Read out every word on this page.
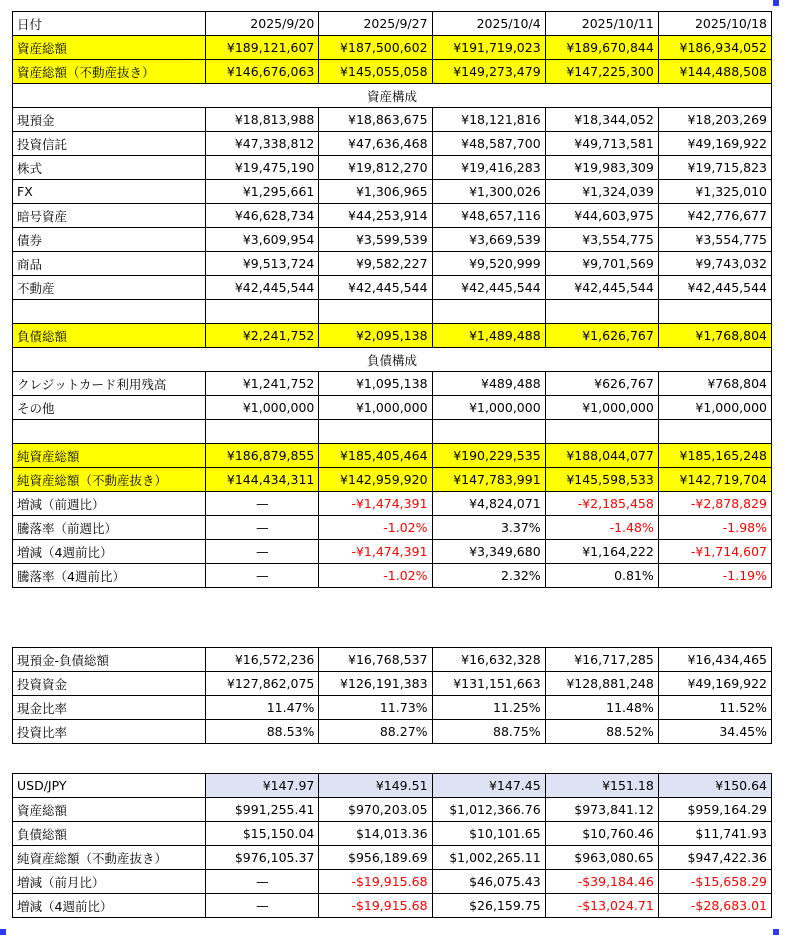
日付	2025/9/20	2025/9/27	2025/10/4	2025/10/11	2025/10/18
資産総額	¥189,121,607	¥187,500,602	¥191,719,023	¥189,670,844	¥186,934,052
資産総額（不動産抜き）	¥146,676,063	¥145,055,058	¥149,273,479	¥147,225,300	¥144,488,508
資産構成					
現預金	¥18,813,988	¥18,863,675	¥18,121,816	¥18,344,052	¥18,203,269
投資信託	¥47,338,812	¥47,636,468	¥48,587,700	¥49,713,581	¥49,169,922
株式	¥19,475,190	¥19,812,270	¥19,416,283	¥19,983,309	¥19,715,823
FX	¥1,295,661	¥1,306,965	¥1,300,026	¥1,324,039	¥1,325,010
暗号資産	¥46,628,734	¥44,253,914	¥48,657,116	¥44,603,975	¥42,776,677
債券	¥3,609,954	¥3,599,539	¥3,669,539	¥3,554,775	¥3,554,775
商品	¥9,513,724	¥9,582,227	¥9,520,999	¥9,701,569	¥9,743,032
不動産	¥42,445,544	¥42,445,544	¥42,445,544	¥42,445,544	¥42,445,544

負債総額	¥2,241,752	¥2,095,138	¥1,489,488	¥1,626,767	¥1,768,804
負債構成					
クレジットカード利用残高	¥1,241,752	¥1,095,138	¥489,488	¥626,767	¥768,804
その他	¥1,000,000	¥1,000,000	¥1,000,000	¥1,000,000	¥1,000,000

純資産総額	¥186,879,855	¥185,405,464	¥190,229,535	¥188,044,077	¥185,165,248
純資産総額（不動産抜き）	¥144,434,311	¥142,959,920	¥147,783,991	¥145,598,533	¥142,719,704
増減（前週比）	—	-¥1,474,391	¥4,824,071	-¥2,185,458	-¥2,878,829
騰落率（前週比）	—	-1.02%	3.37%	-1.48%	-1.98%
増減（4週前比）	—	-¥1,474,391	¥3,349,680	¥1,164,222	-¥1,714,607
騰落率（4週前比）	—	-1.02%	2.32%	0.81%	-1.19%
現預金-負債総額	¥16,572,236	¥16,768,537	¥16,632,328	¥16,717,285	¥16,434,465
投資資金	¥127,862,075	¥126,191,383	¥131,151,663	¥128,881,248	¥49,169,922
現金比率	11.47%	11.73%	11.25%	11.48%	11.52%
投資比率	88.53%	88.27%	88.75%	88.52%	34.45%
USD/JPY	¥147.97	¥149.51	¥147.45	¥151.18	¥150.64
資産総額	$991,255.41	$970,203.05	$1,012,366.76	$973,841.12	$959,164.29
負債総額	$15,150.04	$14,013.36	$10,101.65	$10,760.46	$11,741.93
純資産総額（不動産抜き）	$976,105.37	$956,189.69	$1,002,265.11	$963,080.65	$947,422.36
増減（前月比）	—	-$19,915.68	$46,075.43	-$39,184.46	-$15,658.29
増減（4週前比）	—	-$19,915.68	$26,159.75	-$13,024.71	-$28,683.01
